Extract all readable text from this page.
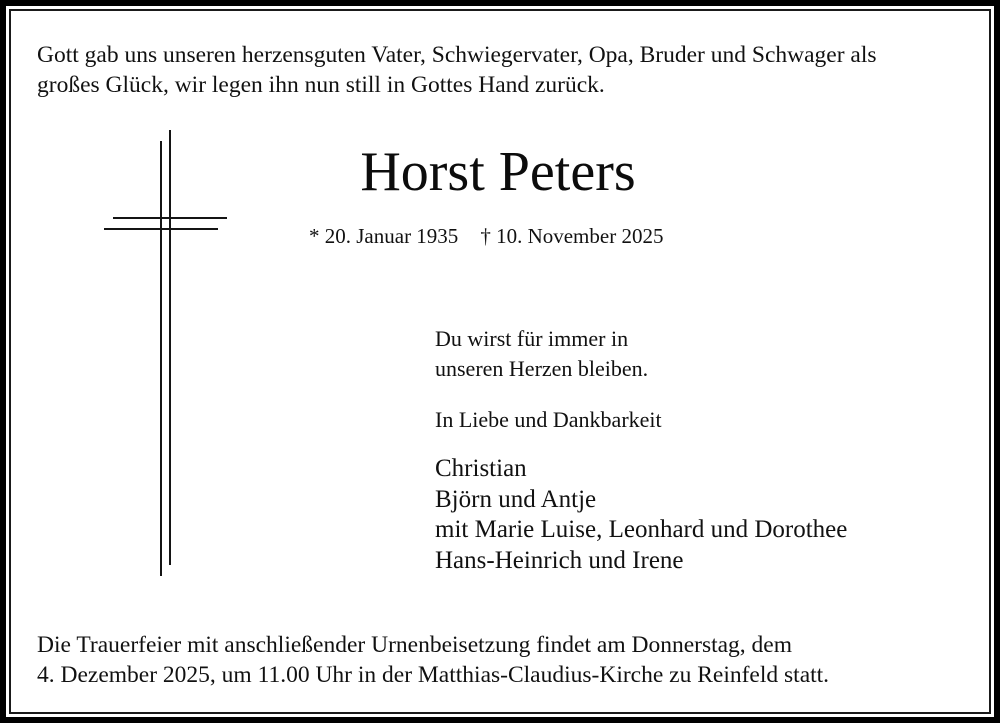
Gott gab uns unseren herzensguten Vater, Schwiegervater, Opa, Bruder und Schwager als
großes Glück, wir legen ihn nun still in Gottes Hand zurück.
Horst Peters
* 20. Januar 1935 † 10. November 2025
Du wirst für immer in
unseren Herzen bleiben.
In Liebe und Dankbarkeit
Christian
Björn und Antje
mit Marie Luise, Leonhard und Dorothee
Hans-Heinrich und Irene
Die Trauerfeier mit anschließender Urnenbeisetzung findet am Donnerstag, dem
4. Dezember 2025, um 11.00 Uhr in der Matthias-Claudius-Kirche zu Reinfeld statt.
